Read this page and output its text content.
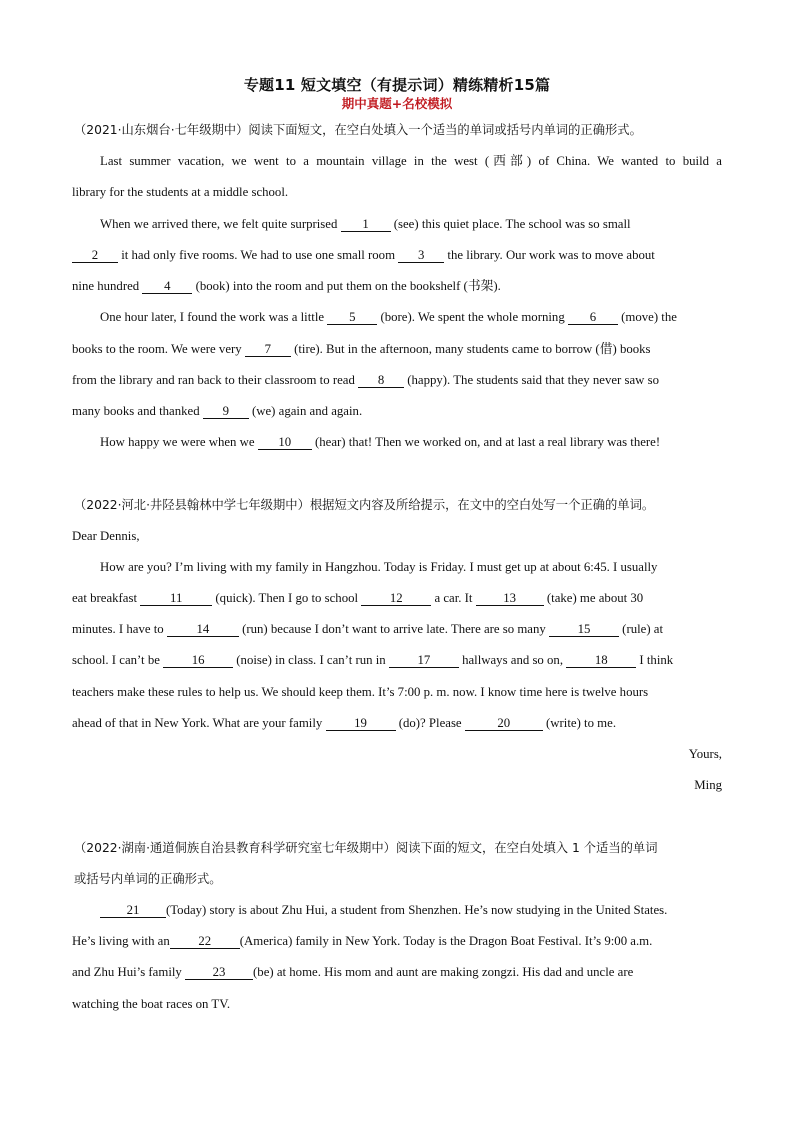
专题11 短文填空（有提示词）精练精析15篇
期中真题+名校模拟
（2021·山东烟台·七年级期中）阅读下面短文，在空白处填入一个适当的单词或括号内单词的正确形式。
Last summer vacation, we went to a mountain village in the west (西部) of China. We wanted to build a
library for the students at a middle school.
When we arrived there, we felt quite surprised 1 (see) this quiet place. The school was so small
2 it had only five rooms. We had to use one small room 3 the library. Our work was to move about
nine hundred 4 (book) into the room and put them on the bookshelf (书架).
One hour later, I found the work was a little 5 (bore). We spent the whole morning 6 (move) the
books to the room. We were very 7 (tire). But in the afternoon, many students came to borrow (借) books
from the library and ran back to their classroom to read 8 (happy). The students said that they never saw so
many books and thanked 9 (we) again and again.
How happy we were when we 10 (hear) that! Then we worked on, and at last a real library was there!
（2022·河北·井陉县翰林中学七年级期中）根据短文内容及所给提示，在文中的空白处写一个正确的单词。
Dear Dennis,
How are you? I’m living with my family in Hangzhou. Today is Friday. I must get up at about 6:45. I usually
eat breakfast 11 (quick). Then I go to school 12 a car. It 13 (take) me about 30
minutes. I have to 14 (run) because I don’t want to arrive late. There are so many 15 (rule) at
school. I can’t be 16 (noise) in class. I can’t run in 17 hallways and so on, 18 I think
teachers make these rules to help us. We should keep them. It’s 7:00 p. m. now. I know time here is twelve hours
ahead of that in New York. What are your family 19 (do)? Please	20	(write) to me.
Yours,
Ming
（2022·湖南·通道侗族自治县教育科学研究室七年级期中）阅读下面的短文，在空白处填入 1 个适当的单词
或括号内单词的正确形式。
21 (Today) story is about Zhu Hui, a student from Shenzhen. He’s now studying in the United States.
He’s living with an 22 (America) family in New York. Today is the Dragon Boat Festival. It’s 9:00 a.m.
and Zhu Hui’s family 23 (be) at home. His mom and aunt are making zongzi. His dad and uncle are
watching the boat races on TV.
